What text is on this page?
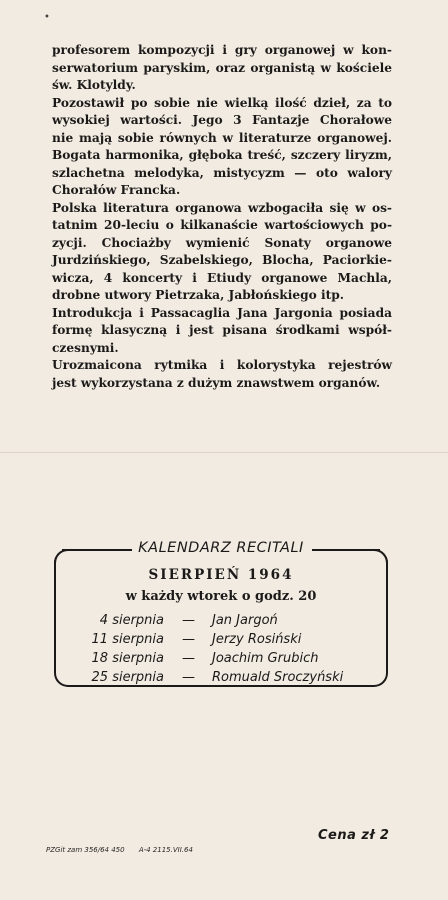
•

profesorem kompozycji i gry organowej w kon-
serwatorium paryskim, oraz organistą w kościele
św. Klotyldy.

Pozostawił po sobie nie wielką ilość dzieł, za to
wysokiej wartości. Jego 3 Fantazje Chorałowe
nie mają sobie równych w literaturze organowej.
Bogata harmonika, głęboka treść, szczery liryzm,
szlachetna melodyka, mistycyzm — oto walory
Chorałów Francka.

Polska literatura organowa wzbogaciła się w os-
tatnim 20-leciu o kilkanaście wartościowych po-
zycji. Chociażby wymienić Sonaty organowe
Jurdzińskiego, Szabelskiego, Blocha, Paciorkie-
wicza, 4 koncerty i Etiudy organowe Machla,
drobne utwory Pietrzaka, Jabłońskiego itp.

Introdukcja i Passacaglia Jana Jargonia posiada
formę klasyczną i jest pisana środkami współ-
czesnymi.

Urozmaicona rytmika i kolorystyka rejestrów
jest wykorzystana z dużym znawstwem organów.

KALENDARZ RECITALI
SIERPIEŃ 1964
w każdy wtorek o godz. 20
4 sierpnia — Jan Jargoń
11 sierpnia — Jerzy Rosiński
18 sierpnia — Joachim Grubich
25 sierpnia — Romuald Sroczyński
Cena zł 2
PZGit zam 356/64 450 A-4 2115.VII.64
